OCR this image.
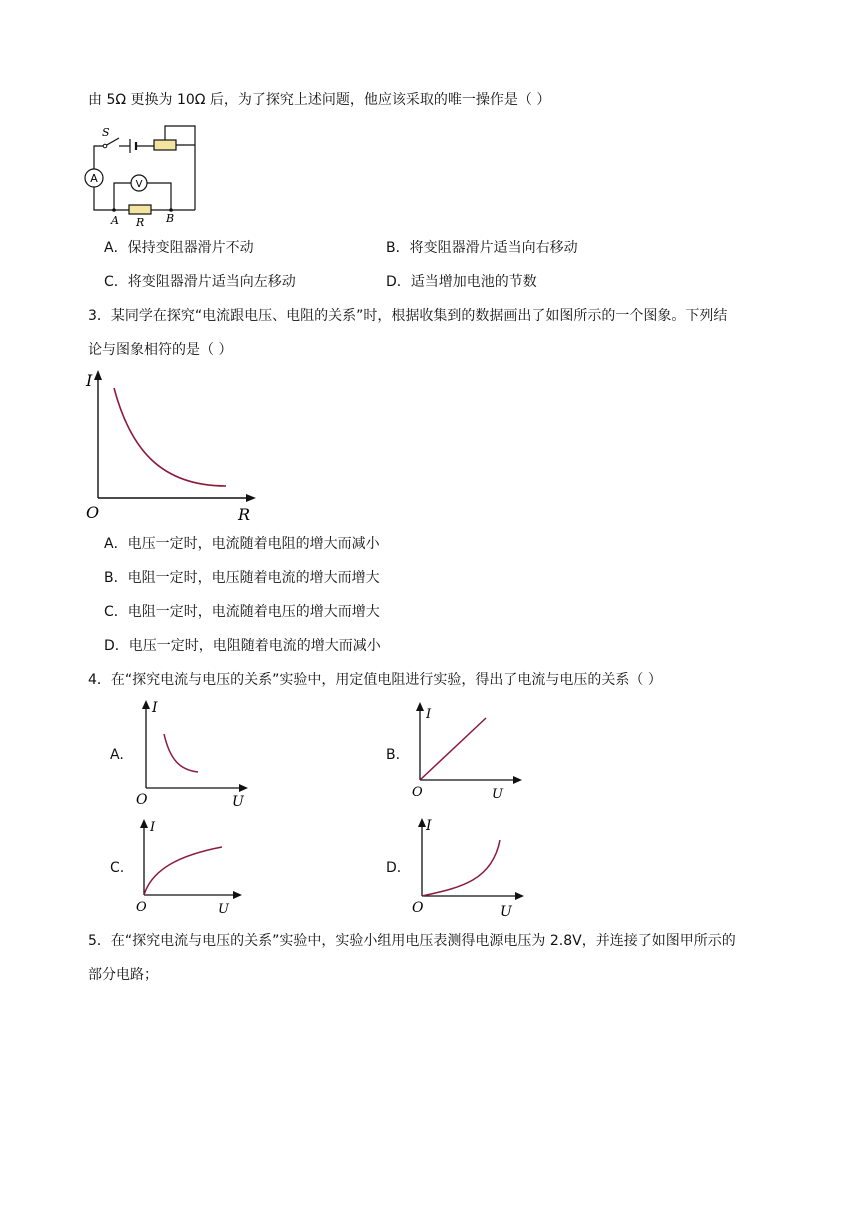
由 5Ω 更换为 10Ω 后，为了探究上述问题，他应该采取的唯一操作是（ ）
S
A	V
A R B
A．保持变阻器滑片不动	B．将变阻器滑片适当向右移动
C．将变阻器滑片适当向左移动	D．适当增加电池的节数
3．某同学在探究“电流跟电压、电阻的关系”时，根据收集到的数据画出了如图所示的一个图象。下列结
论与图象相符的是（ ）
I
O	R
A．电压一定时，电流随着电阻的增大而减小
B．电阻一定时，电压随着电流的增大而增大
C．电阻一定时，电流随着电压的增大而增大
D．电压一定时，电阻随着电流的增大而减小
4．在“探究电流与电压的关系”实验中，用定值电阻进行实验，得出了电流与电压的关系（ ）
A.
I
O	U
B.
I
O	U
C.
I
O	U
D.
I
O	U
5．在“探究电流与电压的关系”实验中，实验小组用电压表测得电源电压为 2.8V，并连接了如图甲所示的
部分电路；
